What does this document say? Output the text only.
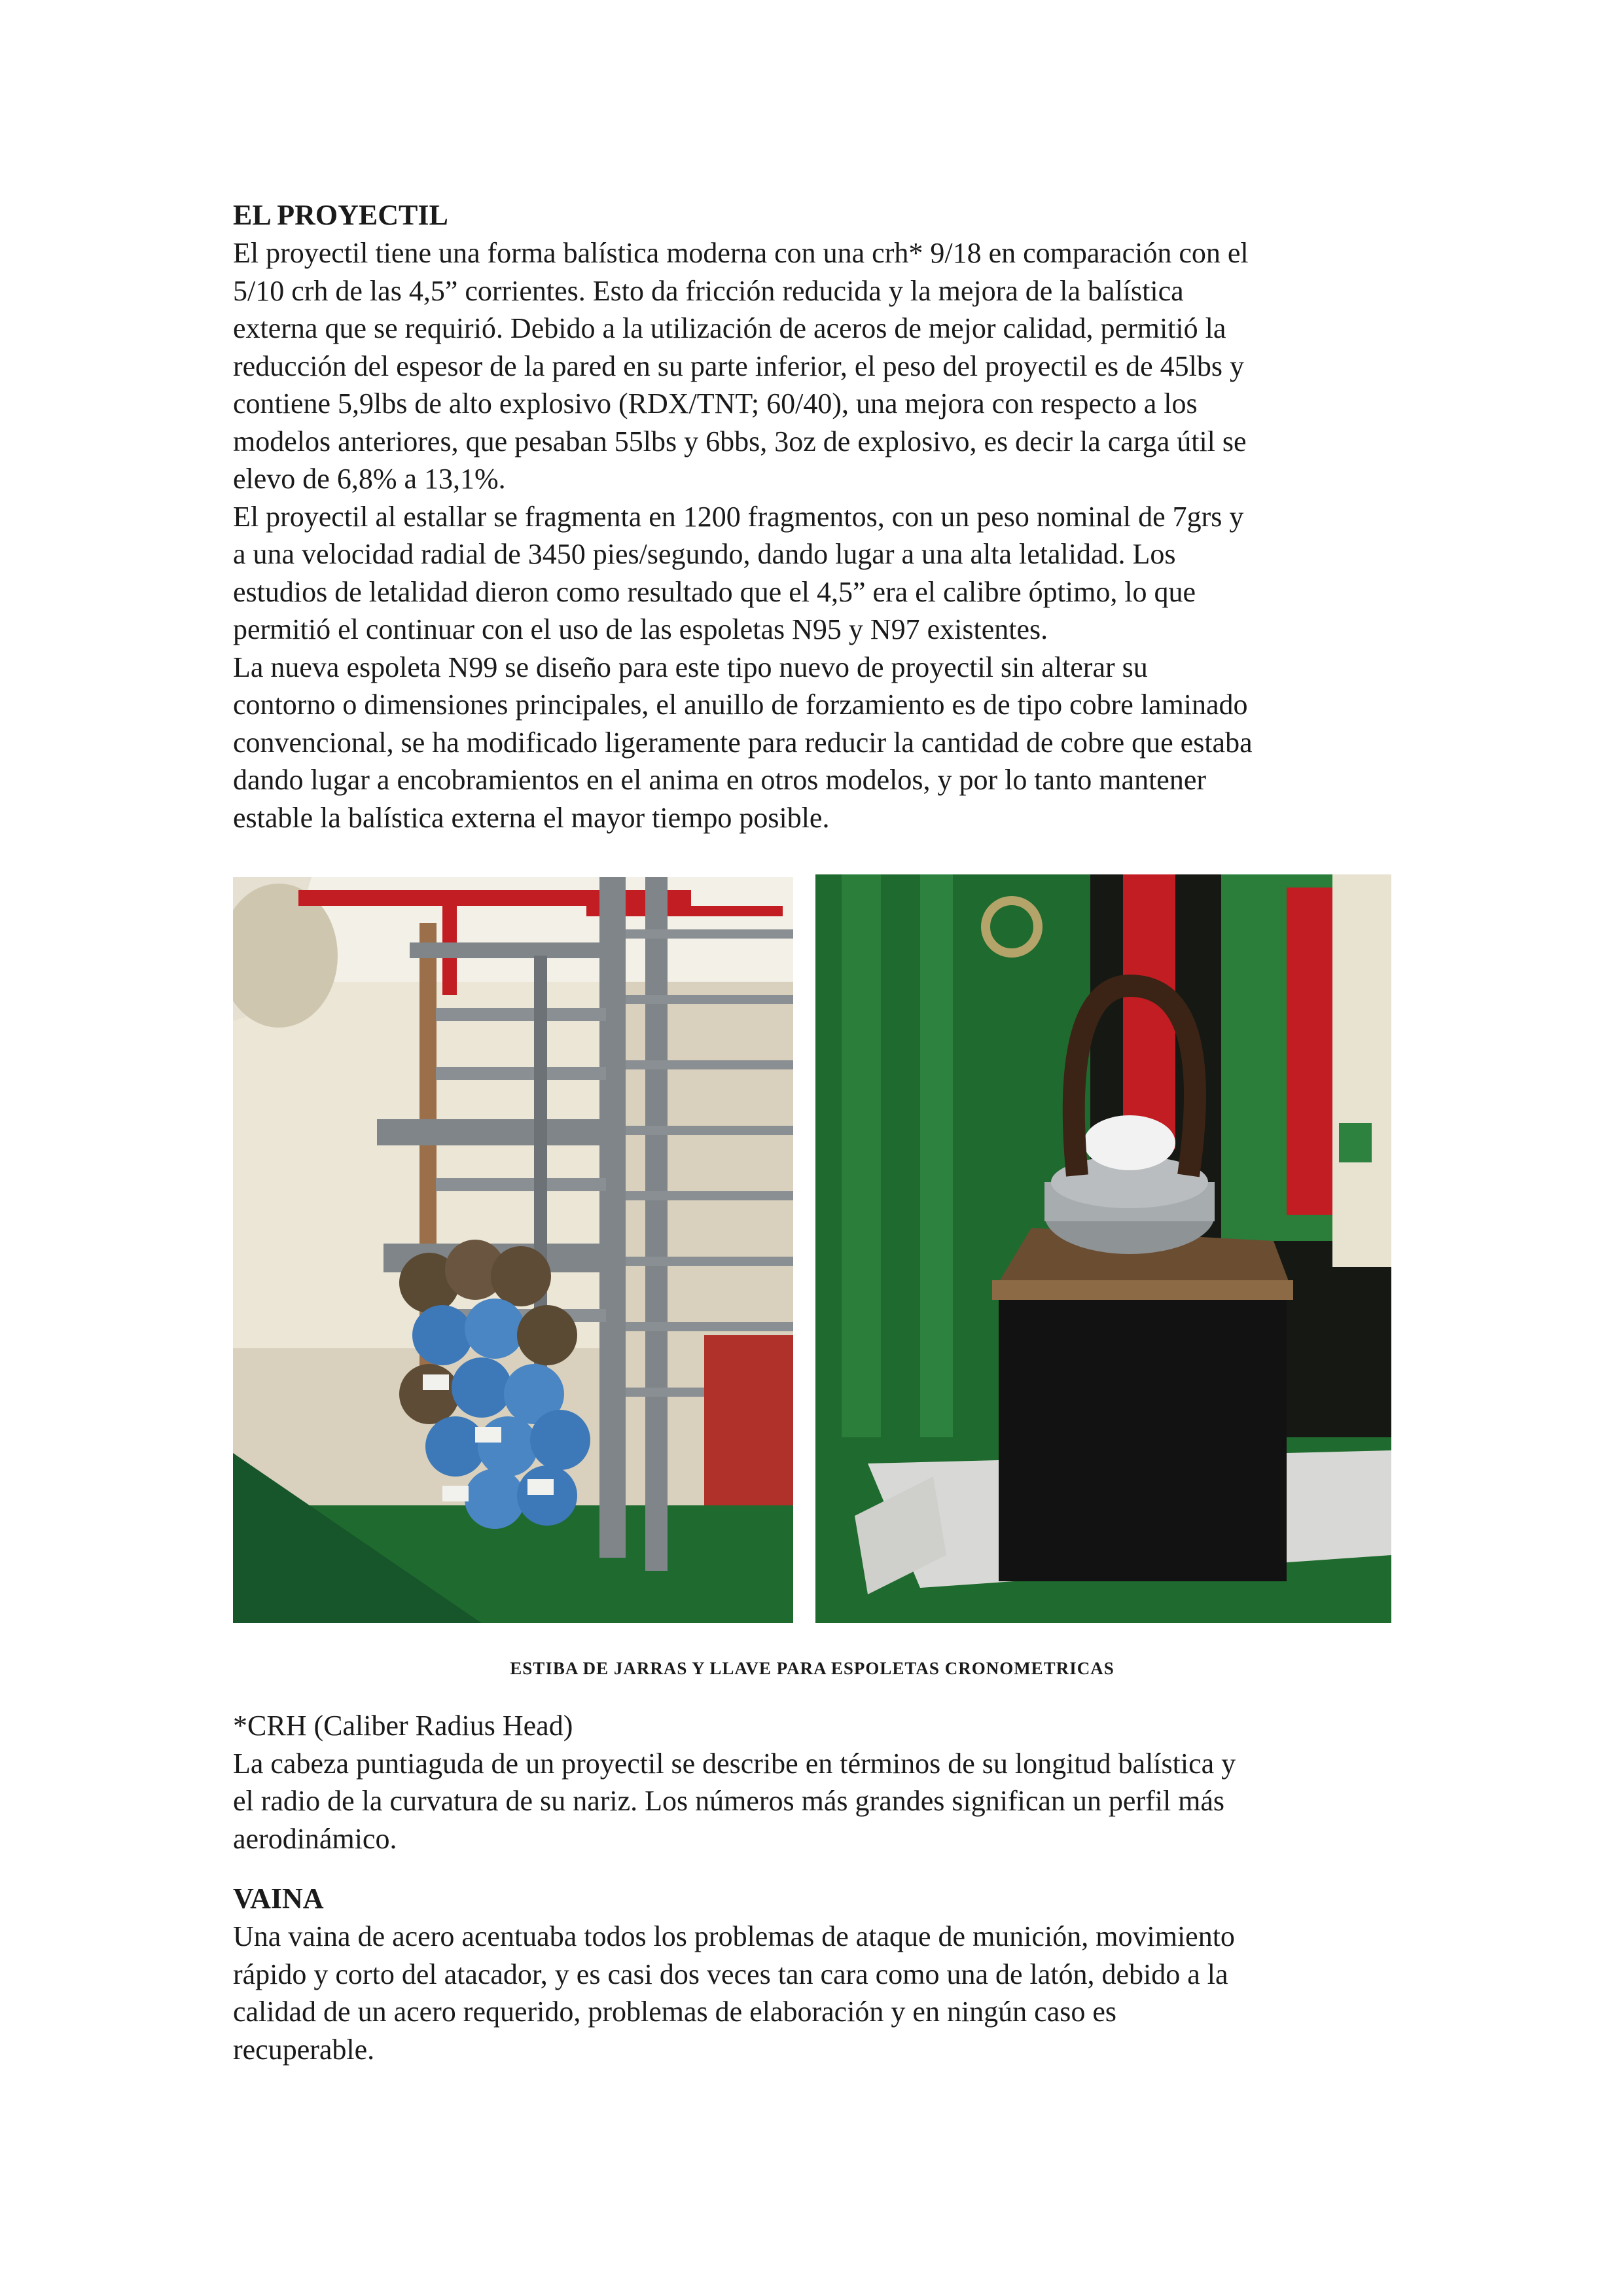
EL PROYECTIL

El proyectil tiene una forma balística moderna con una crh* 9/18 en comparación con el

5/10 crh de las 4,5” corrientes. Esto da fricción reducida y la mejora de la balística

externa que se requirió. Debido a la utilización de aceros de mejor calidad, permitió la

reducción del espesor de la pared en su parte inferior, el peso del proyectil es de 45lbs y

contiene 5,9lbs de alto explosivo (RDX/TNT; 60/40), una mejora con respecto a los

modelos anteriores, que pesaban 55lbs y 6bbs, 3oz de explosivo, es decir la carga útil se

elevo de 6,8% a 13,1%.

El proyectil al estallar se fragmenta en 1200 fragmentos, con un peso nominal de 7grs y

a una velocidad radial de 3450 pies/segundo, dando lugar a una alta letalidad. Los

estudios de letalidad dieron como resultado que el 4,5” era el calibre óptimo, lo que

permitió el continuar con el uso de las espoletas N95 y N97 existentes.

La nueva espoleta N99 se diseño para este tipo nuevo de proyectil sin alterar su

contorno o dimensiones principales, el anuillo de forzamiento es de tipo cobre laminado

convencional, se ha modificado ligeramente para reducir la cantidad de cobre que estaba

dando lugar a encobramientos en el anima en otros modelos, y por lo tanto mantener

estable la balística externa el mayor tiempo posible.

ESTIBA DE JARRAS Y LLAVE PARA ESPOLETAS CRONOMETRICAS

*CRH (Caliber Radius Head)

La cabeza puntiaguda de un proyectil se describe en términos de su longitud balística y

el radio de la curvatura de su nariz. Los números más grandes significan un perfil más

aerodinámico.

VAINA

Una vaina de acero acentuaba todos los problemas de ataque de munición, movimiento

rápido y corto del atacador, y es casi dos veces tan cara como una de latón, debido a la

calidad de un acero requerido, problemas de elaboración y en ningún caso es

recuperable.
